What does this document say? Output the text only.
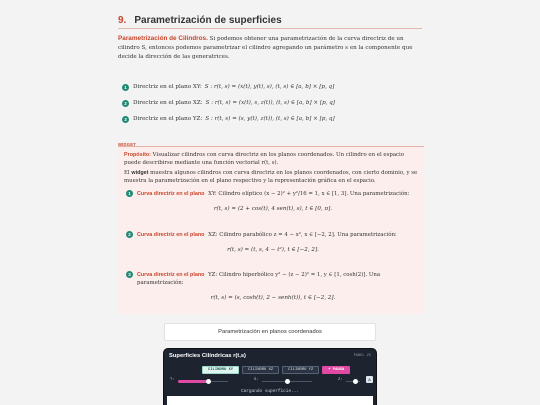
9. Parametrización de superficies
Parametrización de Cilindros. Si podemos obtener una parametrización de la curva directriz de un cilindro S, entonces podemos parametrizar el cilindro agregando un parámetro s en la componente que decide la dirección de las generatrices.
1	Directriz en el plano XY: S : r(t, s) = (x(t), y(t), s), (t, s) ∈ [a, b] × [p, q]
2	Directriz en el plano XZ: S : r(t, s) = (x(t), s, z(t)), (t, s) ∈ [a, b] × [p, q]
3	Directriz en el plano YZ: S : r(t, s) = (s, y(t), z(t)), (t, s) ∈ [a, b] × [p, q]
WIDGET
Propósito: Visualizar cilindros con curva directriz en los planos coordenados. Un cilindro en el espacio puede describirse mediante una función vectorial r(t, s).
El widget muestra algunos cilindros con curva directriz en los planos coordenados, con cierto dominio, y se muestra la parametrización en el plano respectivo y la representación gráfica en el espacio.
1	Curva directriz en el plano XY: Cilindro elíptico (x − 2)² + y²/16 = 1, x ∈ [1, 3]. Una parametrización:
r(t, s) = (2 + cos(t), 4 sen(t), s), t ∈ [0, π].
2	Curva directriz en el plano XZ: Cilindro parabólico z = 4 − x², x ∈ [−2, 2]. Una parametrización:
r(t, s) = (t, s, 4 − t²), t ∈ [−2, 2].
3	Curva directriz en el plano YZ: Cilindro hiperbólico y² − (z − 2)² = 1, y ∈ [1, cosh(2)]. Una parametrización:
r(t, s) = (s, cosh(t), 2 − senh(t)), t ∈ [−2, 2].
Parametrización en planos coordenados
Superficies Cilíndricas r(t,s)	PANEL 25
CILINDRO XY	CILINDRO XZ	CILINDRO YZ	+ PAUSA
T:	S:	Z:	A
Cargando superficie...
